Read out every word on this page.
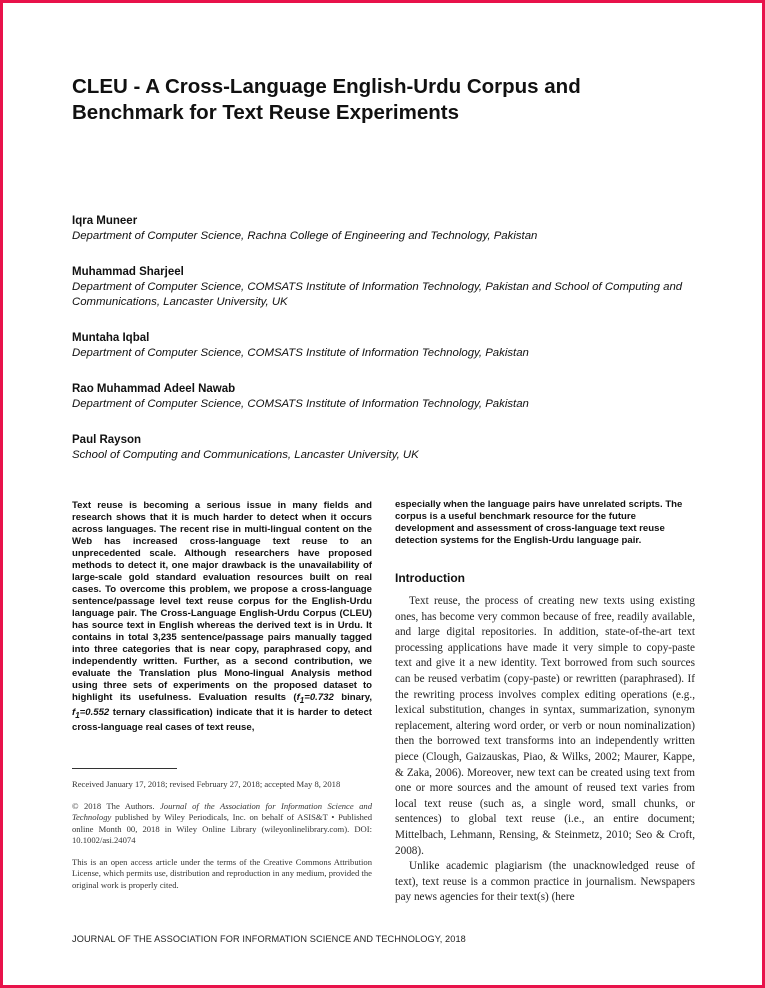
CLEU - A Cross-Language English-Urdu Corpus and Benchmark for Text Reuse Experiments
Iqra Muneer
Department of Computer Science, Rachna College of Engineering and Technology, Pakistan
Muhammad Sharjeel
Department of Computer Science, COMSATS Institute of Information Technology, Pakistan and School of Computing and Communications, Lancaster University, UK
Muntaha Iqbal
Department of Computer Science, COMSATS Institute of Information Technology, Pakistan
Rao Muhammad Adeel Nawab
Department of Computer Science, COMSATS Institute of Information Technology, Pakistan
Paul Rayson
School of Computing and Communications, Lancaster University, UK

Text reuse is becoming a serious issue in many fields and research shows that it is much harder to detect when it occurs across languages. The recent rise in multi-lingual content on the Web has increased cross-language text reuse to an unprecedented scale. Although researchers have proposed methods to detect it, one major drawback is the unavailability of large-scale gold standard evaluation resources built on real cases. To overcome this problem, we propose a cross-language sentence/passage level text reuse corpus for the English-Urdu language pair. The Cross-Language English-Urdu Corpus (CLEU) has source text in English whereas the derived text is in Urdu. It contains in total 3,235 sentence/passage pairs manually tagged into three categories that is near copy, paraphrased copy, and independently written. Further, as a second contribution, we evaluate the Translation plus Mono-lingual Analysis method using three sets of experiments on the proposed dataset to highlight its usefulness. Evaluation results ($f_1=0.732$ binary, $f_1=0.552$ ternary classification) indicate that it is harder to detect cross-language real cases of text reuse,

especially when the language pairs have unrelated scripts. The corpus is a useful benchmark resource for the future development and assessment of cross-language text reuse detection systems for the English-Urdu language pair.

Received January 17, 2018; revised February 27, 2018; accepted May 8, 2018

© 2018 The Authors. Journal of the Association for Information Science and Technology published by Wiley Periodicals, Inc. on behalf of ASIS&T • Published online Month 00, 2018 in Wiley Online Library (wileyonlinelibrary.com). DOI: 10.1002/asi.24074

This is an open access article under the terms of the Creative Commons Attribution License, which permits use, distribution and reproduction in any medium, provided the original work is properly cited.

Introduction

Text reuse, the process of creating new texts using existing ones, has become very common because of free, readily available, and large digital repositories. In addition, state-of-the-art text processing applications have made it very simple to copy-paste text and give it a new identity. Text borrowed from such sources can be reused verbatim (copy-paste) or rewritten (paraphrased). If the rewriting process involves complex editing operations (e.g., lexical substitution, changes in syntax, summarization, synonym replacement, altering word order, or verb or noun nominalization) then the borrowed text transforms into an independently written piece (Clough, Gaizauskas, Piao, & Wilks, 2002; Maurer, Kappe, & Zaka, 2006). Moreover, new text can be created using text from one or more sources and the amount of reused text varies from local text reuse (such as, a single word, small chunks, or sentences) to global text reuse (i.e., an entire document; Mittelbach, Lehmann, Rensing, & Steinmetz, 2010; Seo & Croft, 2008).

Unlike academic plagiarism (the unacknowledged reuse of text), text reuse is a common practice in journalism. Newspapers pay news agencies for their text(s) (here

JOURNAL OF THE ASSOCIATION FOR INFORMATION SCIENCE AND TECHNOLOGY, 2018
